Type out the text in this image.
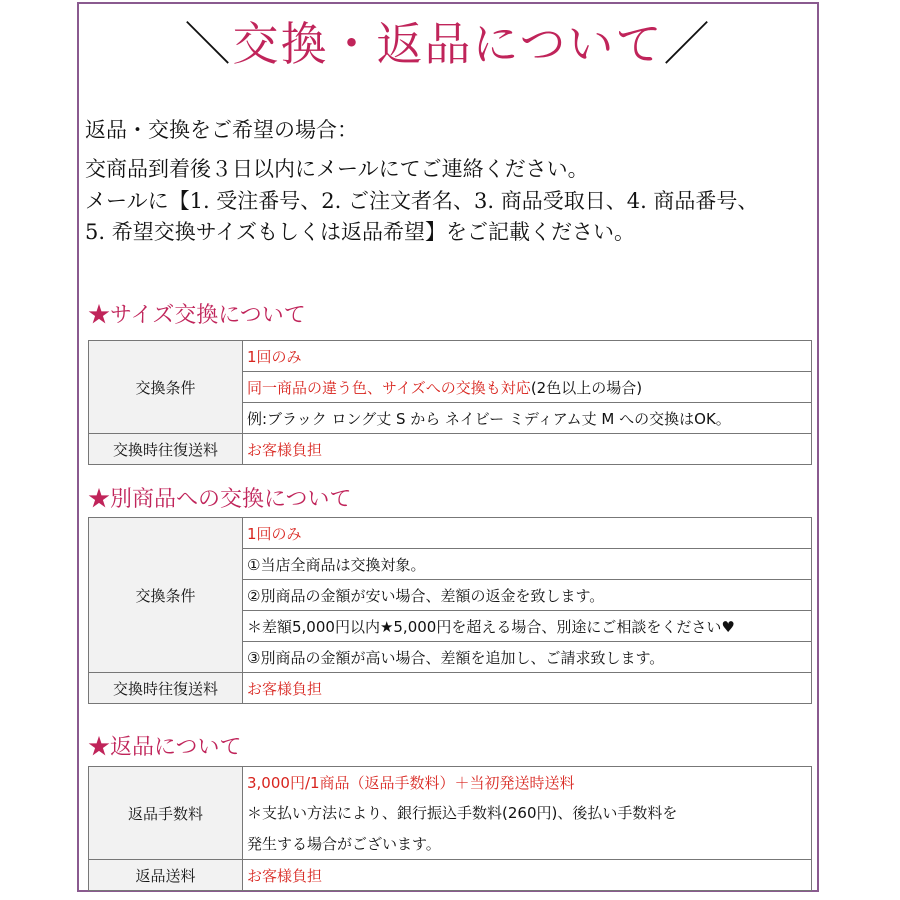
＼交換・返品について／
返品・交換をご希望の場合：
交商品到着後３日以内にメールにてご連絡ください。
メールに【1. 受注番号、2. ご注文者名、3. 商品受取日、4. 商品番号、
5. 希望交換サイズもしくは返品希望】をご記載ください。
★サイズ交換について
交換条件	1回のみ
	同一商品の違う色、サイズへの交換も対応(2色以上の場合)
	例:ブラック ロング丈 S から ネイビー ミディアム丈 M への交換はOK。
交換時往復送料	お客様負担
★別商品への交換について
交換条件	1回のみ
	①当店全商品は交換対象。
	②別商品の金額が安い場合、差額の返金を致します。
	＊差額5,000円以内★5,000円を超える場合、別途にご相談をください♥
	③別商品の金額が高い場合、差額を追加し、ご請求致します。
交換時往復送料	お客様負担
★返品について
返品手数料	3,000円/1商品（返品手数料）＋当初発送時送料
	＊支払い方法により、銀行振込手数料(260円)、後払い手数料を
	発生する場合がございます。
返品送料	お客様負担
